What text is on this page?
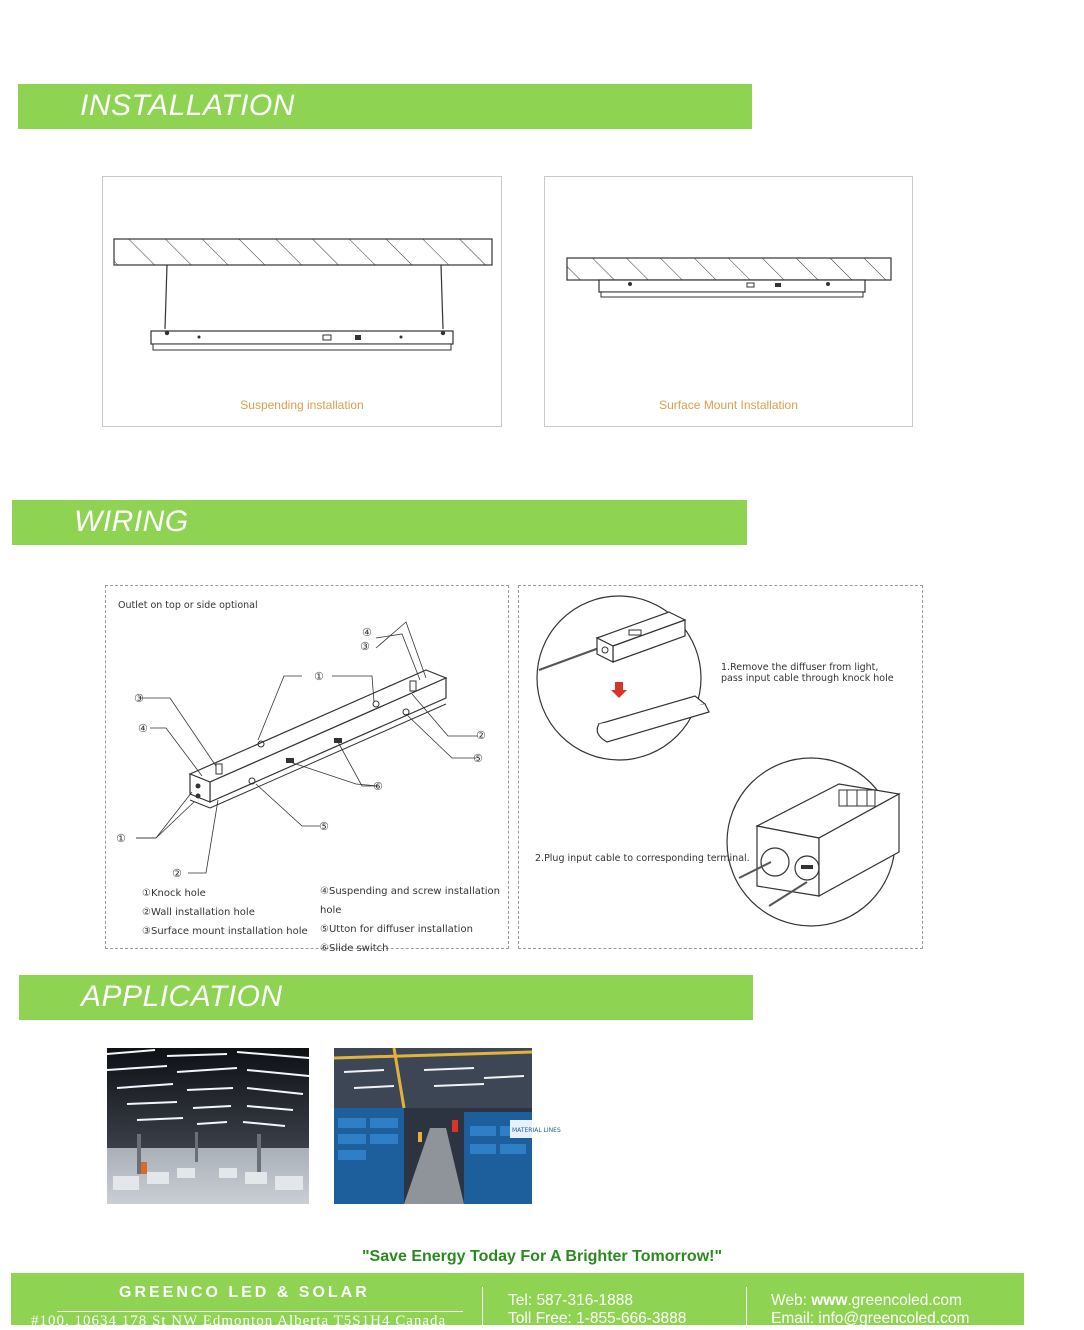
INSTALLATION
Suspending installation	Surface Mount Installation
WIRING
Outlet on top or side optional
④
③
①
③
④
②
⑤
⑥
⑤
①
②
①Knock hole
②Wall installation hole
③Surface mount installation hole
④Suspending and screw installation hole
⑤Utton for diffuser installation
⑥Slide switch
1.Remove the diffuser from light, pass input cable through knock hole
2.Plug input cable to corresponding terminal.
APPLICATION
MATERIAL LINES
"Save Energy Today For A Brighter Tomorrow!"
GREENCO LED & SOLAR
#100, 10634 178 St NW Edmonton Alberta T5S1H4 Canada
Tel: 587-316-1888
Toll Free: 1-855-666-3888
Web: www.greencoled.com
Email: info@greencoled.com
